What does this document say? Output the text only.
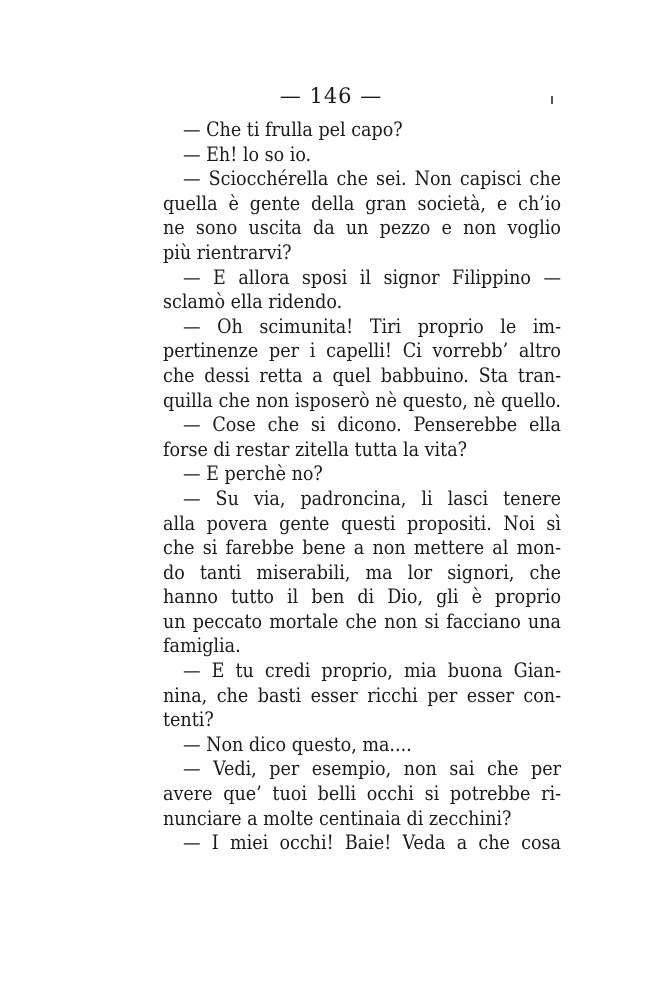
— 146 —
— Che ti frulla pel capo?
— Eh! lo so io.
— Sciocchérella che sei. Non capisci che
quella è gente della gran società, e ch’io
ne sono uscita da un pezzo e non voglio
più rientrarvi?
— E allora sposi il signor Filippino —
sclamò ella ridendo.
— Oh scimunita! Tiri proprio le im-
pertinenze per i capelli! Ci vorrebb’ altro
che dessi retta a quel babbuino. Sta tran-
quilla che non isposerò nè questo, nè quello.
— Cose che si dicono. Penserebbe ella
forse di restar zitella tutta la vita?
— E perchè no?
— Su via, padroncina, li lasci tenere
alla povera gente questi propositi. Noi sì
che si farebbe bene a non mettere al mon-
do tanti miserabili, ma lor signori, che
hanno tutto il ben di Dio, gli è proprio
un peccato mortale che non si facciano una
famiglia.
— E tu credi proprio, mia buona Gian-
nina, che basti esser ricchi per esser con-
tenti?
— Non dico questo, ma....
— Vedi, per esempio, non sai che per
avere que’ tuoi belli occhi si potrebbe ri-
nunciare a molte centinaia di zecchini?
— I miei occhi! Baie! Veda a che cosa
